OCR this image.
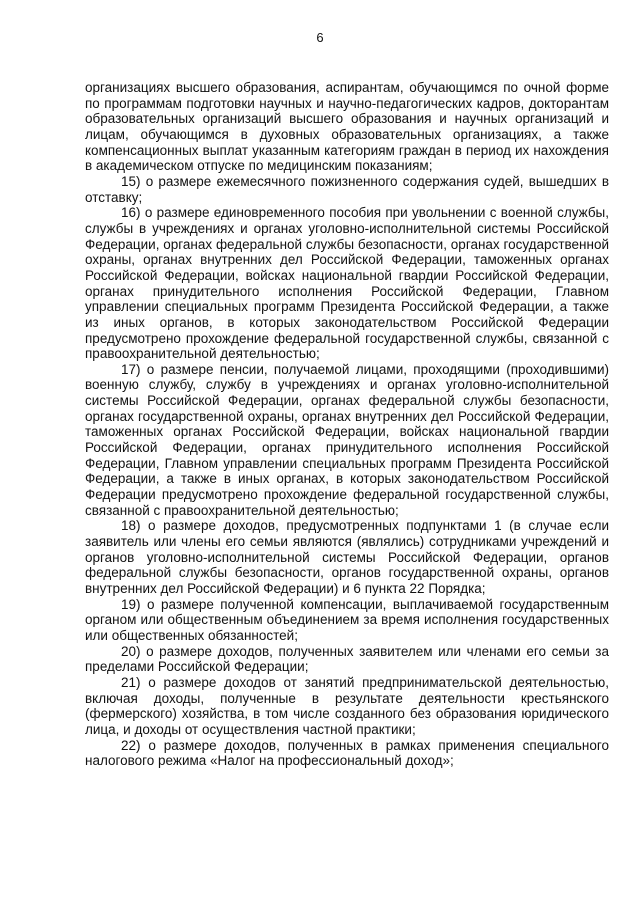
6

организациях высшего образования, аспирантам, обучающимся по очной форме по программам подготовки научных и научно-педагогических кадров, докторантам образовательных организаций высшего образования и научных организаций и лицам, обучающимся в духовных образовательных организациях, а также компенсационных выплат указанным категориям граждан в период их нахождения в академическом отпуске по медицинским показаниям;

15) о размере ежемесячного пожизненного содержания судей, вышедших в отставку;

16) о размере единовременного пособия при увольнении с военной службы, службы в учреждениях и органах уголовно-исполнительной системы Российской Федерации, органах федеральной службы безопасности, органах государственной охраны, органах внутренних дел Российской Федерации, таможенных органах Российской Федерации, войсках национальной гвардии Российской Федерации, органах принудительного исполнения Российской Федерации, Главном управлении специальных программ Президента Российской Федерации, а также из иных органов, в которых законодательством Российской Федерации предусмотрено прохождение федеральной государственной службы, связанной с правоохранительной деятельностью;

17) о размере пенсии, получаемой лицами, проходящими (проходившими) военную службу, службу в учреждениях и органах уголовно-исполнительной системы Российской Федерации, органах федеральной службы безопасности, органах государственной охраны, органах внутренних дел Российской Федерации, таможенных органах Российской Федерации, войсках национальной гвардии Российской Федерации, органах принудительного исполнения Российской Федерации, Главном управлении специальных программ Президента Российской Федерации, а также в иных органах, в которых законодательством Российской Федерации предусмотрено прохождение федеральной государственной службы, связанной с правоохранительной деятельностью;

18) о размере доходов, предусмотренных подпунктами 1 (в случае если заявитель или члены его семьи являются (являлись) сотрудниками учреждений и органов уголовно-исполнительной системы Российской Федерации, органов федеральной службы безопасности, органов государственной охраны, органов внутренних дел Российской Федерации) и 6 пункта 22 Порядка;

19) о размере полученной компенсации, выплачиваемой государственным органом или общественным объединением за время исполнения государственных или общественных обязанностей;

20) о размере доходов, полученных заявителем или членами его семьи за пределами Российской Федерации;

21) о размере доходов от занятий предпринимательской деятельностью, включая доходы, полученные в результате деятельности крестьянского (фермерского) хозяйства, в том числе созданного без образования юридического лица, и доходы от осуществления частной практики;

22) о размере доходов, полученных в рамках применения специального налогового режима «Налог на профессиональный доход»;
